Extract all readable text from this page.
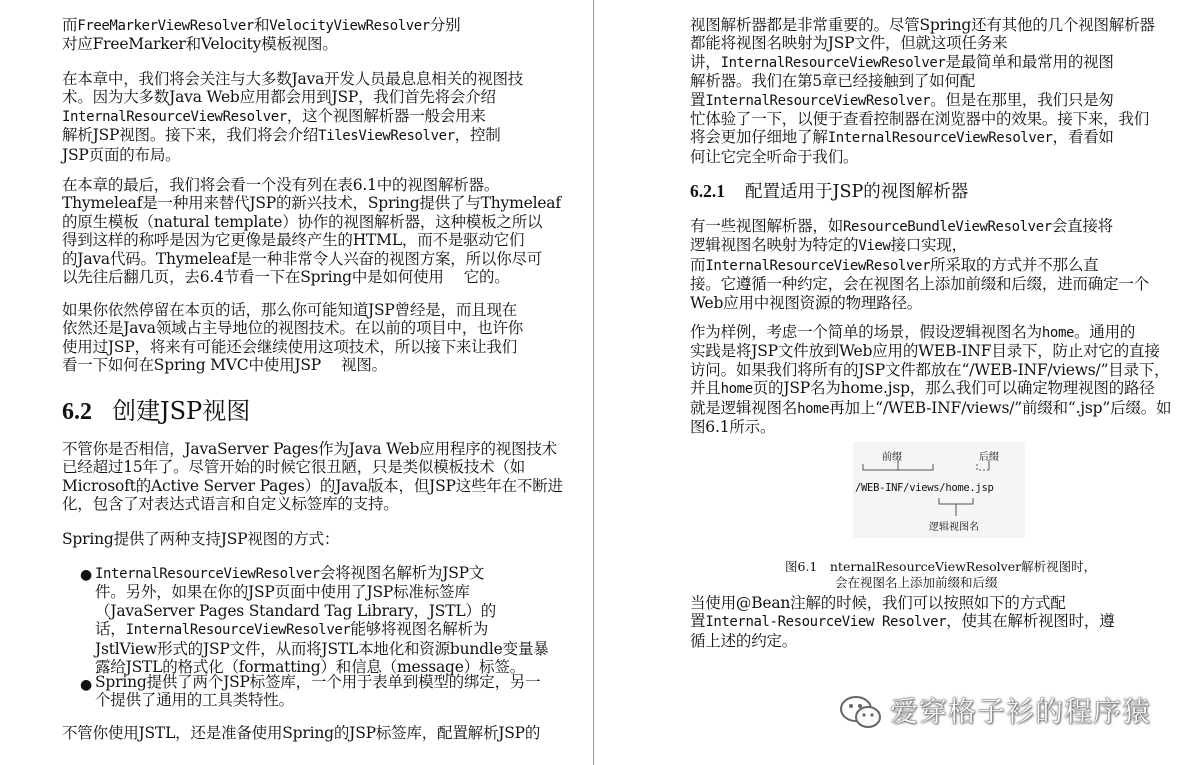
而FreeMarkerViewResolver和VelocityViewResolver分别
对应FreeMarker和Velocity模板视图。

在本章中，我们将会关注与大多数Java开发人员最息息相关的视图技
术。因为大多数Java Web应用都会用到JSP，我们首先将会介绍
InternalResourceViewResolver，这个视图解析器一般会用来
解析JSP视图。接下来，我们将会介绍TilesViewResolver，控制
JSP页面的布局。

在本章的最后，我们将会看一个没有列在表6.1中的视图解析器。
Thymeleaf是一种用来替代JSP的新兴技术，Spring提供了与Thymeleaf
的原生模板（natural template）协作的视图解析器，这种模板之所以
得到这样的称呼是因为它更像是最终产生的HTML，而不是驱动它们
的Java代码。Thymeleaf是一种非常令人兴奋的视图方案，所以你尽可
以先往后翻几页，去6.4节看一下在Spring中是如何使用　 它的。

如果你依然停留在本页的话，那么你可能知道JSP曾经是，而且现在
依然还是Java领域占主导地位的视图技术。在以前的项目中，也许你
使用过JSP，将来有可能还会继续使用这项技术，所以接下来让我们
看一下如何在Spring MVC中使用JSP　 视图。

6.2 创建JSP视图

不管你是否相信，JavaServer Pages作为Java Web应用程序的视图技术
已经超过15年了。尽管开始的时候它很丑陋，只是类似模板技术（如
Microsoft的Active Server Pages）的Java版本，但JSP这些年在不断进
化，包含了对表达式语言和自定义标签库的支持。

Spring提供了两种支持JSP视图的方式：

● InternalResourceViewResolver会将视图名解析为JSP文
件。另外，如果在你的JSP页面中使用了JSP标准标签库
（JavaServer Pages Standard Tag Library，JSTL）的
话，InternalResourceViewResolver能够将视图名解析为
JstlView形式的JSP文件，从而将JSTL本地化和资源bundle变量暴
露给JSTL的格式化（formatting）和信息（message）标签。

● Spring提供了两个JSP标签库，一个用于表单到模型的绑定，另一
个提供了通用的工具类特性。

不管你使用JSTL，还是准备使用Spring的JSP标签库，配置解析JSP的

视图解析器都是非常重要的。尽管Spring还有其他的几个视图解析器
都能将视图名映射为JSP文件，但就这项任务来
讲，InternalResourceViewResolver是最简单和最常用的视图
解析器。我们在第5章已经接触到了如何配
置InternalResourceViewResolver。但是在那里，我们只是匆
忙体验了一下，以便于查看控制器在浏览器中的效果。接下来，我们
将会更加仔细地了解InternalResourceViewResolver，看看如
何让它完全听命于我们。

6.2.1 配置适用于JSP的视图解析器

有一些视图解析器，如ResourceBundleViewResolver会直接将
逻辑视图名映射为特定的View接口实现，
而InternalResourceViewResolver所采取的方式并不那么直
接。它遵循一种约定，会在视图名上添加前缀和后缀，进而确定一个
Web应用中视图资源的物理路径。

作为样例，考虑一个简单的场景，假设逻辑视图名为home。通用的
实践是将JSP文件放到Web应用的WEB-INF目录下，防止对它的直接
访问。如果我们将所有的JSP文件都放在“/WEB-INF/views/”目录下，
并且home页的JSP名为home.jsp，那么我们可以确定物理视图的路径
就是逻辑视图名home再加上“/WEB-INF/views/”前缀和“.jsp”后缀。如
图6.1所示。

前缀	后缀
/WEB-INF/views/home.jsp
逻辑视图名

图6.1　nternalResourceViewResolver解析视图时，
　　　　会在视图名上添加前缀和后缀

当使用@Bean注解的时候，我们可以按照如下的方式配
置Internal-ResourceView Resolver，使其在解析视图时，遵
循上述的约定。

爱穿格子衫的程序猿
